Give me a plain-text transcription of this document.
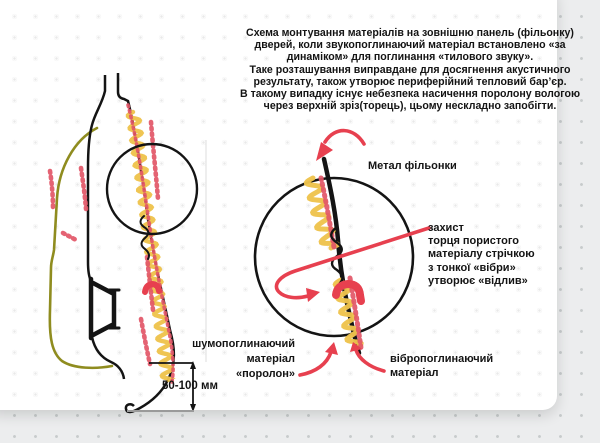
Схема монтування матеріалів на зовнішню панель (фільонку)
дверей, коли звукопоглинаючий матеріал встановлено «за
динаміком» для поглинання «тилового звуку».
Таке розташування виправдане для досягнення акустичного
результату, також утворює периферійний тепловий бар’єр.
В такому випадку існує небезпека насичення поролону вологою
через верхній зріз(торець), цьому нескладно запобігти.
Метал фільонки
захист
торця пористого
матеріалу стрічкою
з тонкої «вібри»
утворює «відлив»
шумопоглинаючий
матеріал
«поролон»
вібропоглинаючий
матеріал
50-100 мм
